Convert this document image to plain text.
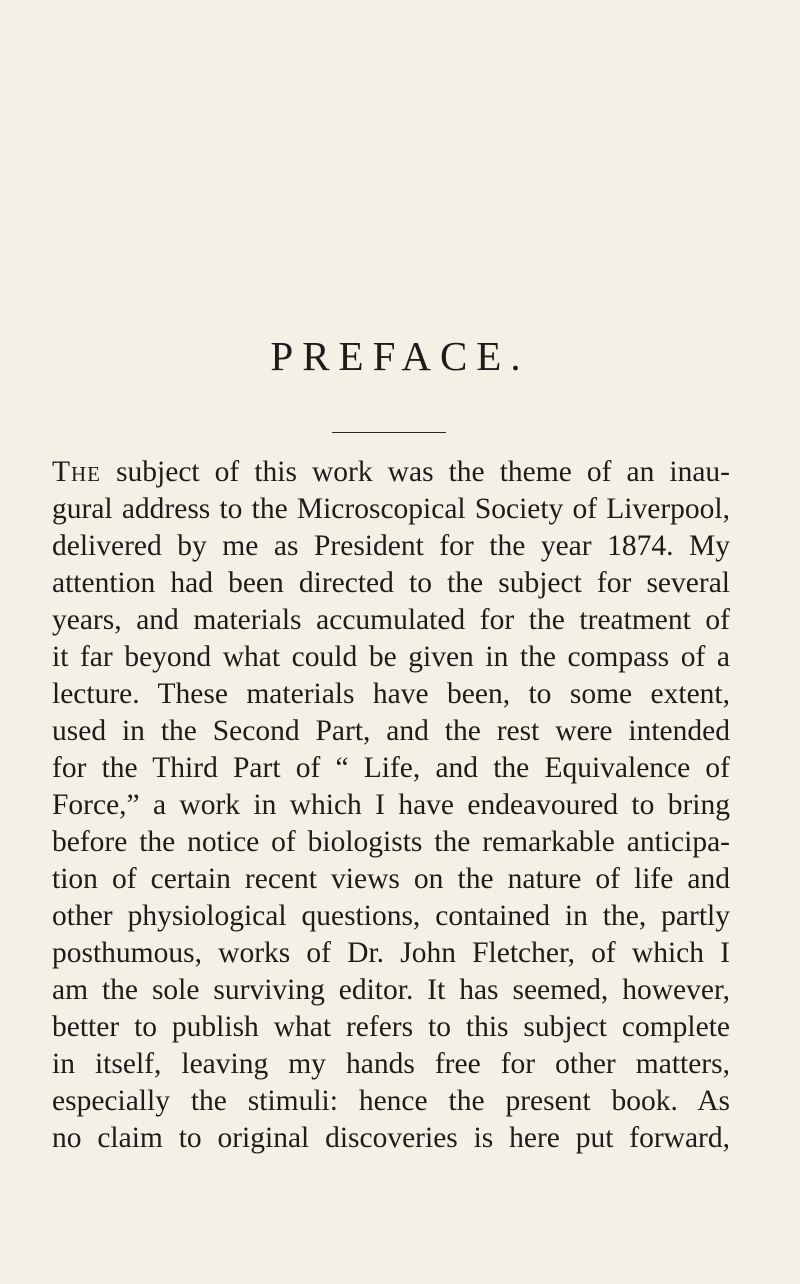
PREFACE.
The subject of this work was the theme of an inau-
gural address to the Microscopical Society of Liverpool,
delivered by me as President for the year 1874. My
attention had been directed to the subject for several
years, and materials accumulated for the treatment of
it far beyond what could be given in the compass of a
lecture. These materials have been, to some extent,
used in the Second Part, and the rest were intended
for the Third Part of “ Life, and the Equivalence of
Force,” a work in which I have endeavoured to bring
before the notice of biologists the remarkable anticipa-
tion of certain recent views on the nature of life and
other physiological questions, contained in the, partly
posthumous, works of Dr. John Fletcher, of which I
am the sole surviving editor. It has seemed, however,
better to publish what refers to this subject complete
in itself, leaving my hands free for other matters,
especially the stimuli: hence the present book. As
no claim to original discoveries is here put forward,
